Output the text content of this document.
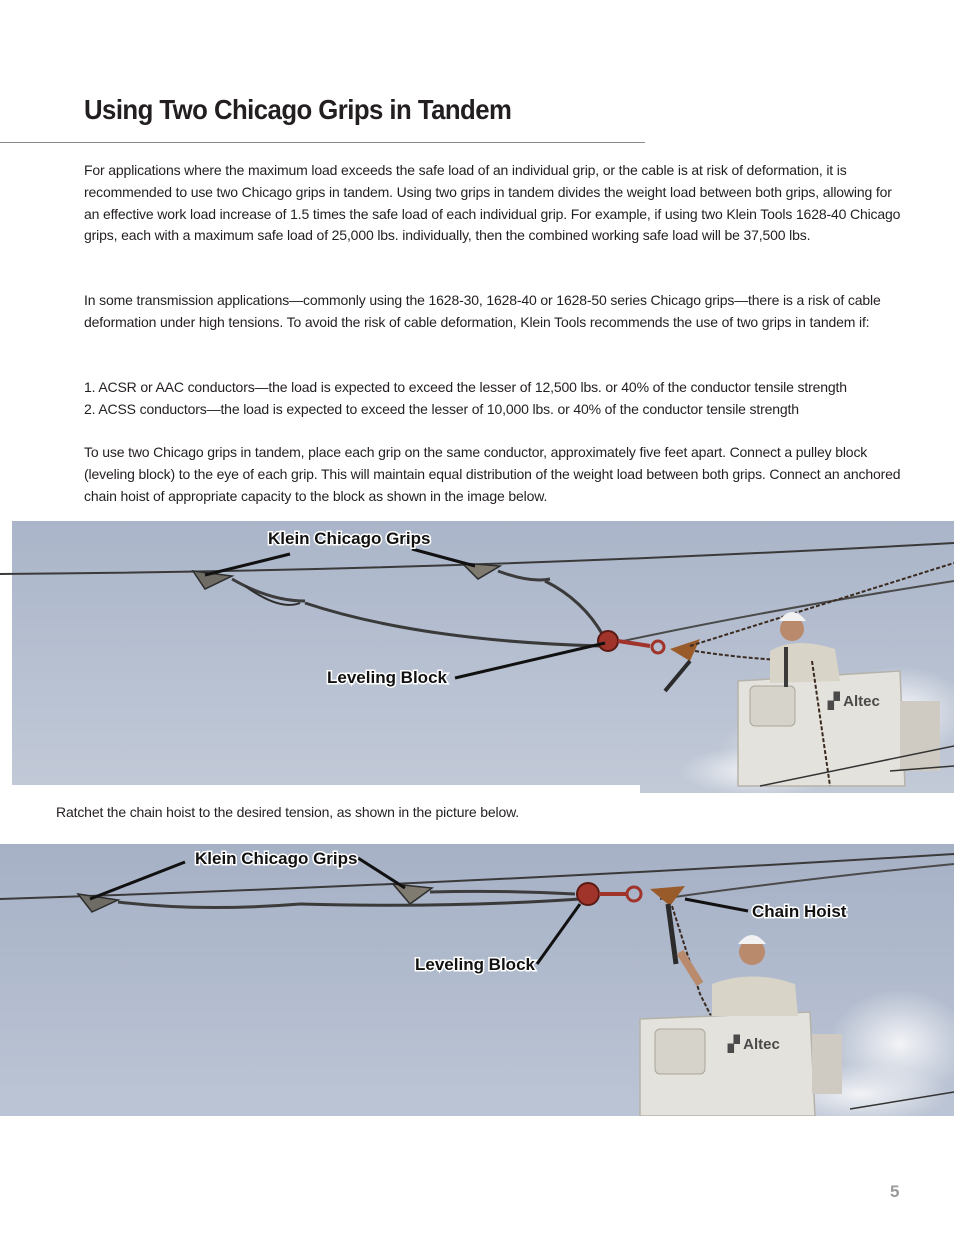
Using Two Chicago Grips in Tandem

For applications where the maximum load exceeds the safe load of an individual grip, or the cable is at risk of deformation, it is recommended to use two Chicago grips in tandem. Using two grips in tandem divides the weight load between both grips, allowing for an effective work load increase of 1.5 times the safe load of each individual grip. For example, if using two Klein Tools 1628-40 Chicago grips, each with a maximum safe load of 25,000 lbs. individually, then the combined working safe load will be 37,500 lbs.

In some transmission applications—commonly using the 1628-30, 1628-40 or 1628-50 series Chicago grips—there is a risk of cable deformation under high tensions. To avoid the risk of cable deformation, Klein Tools recommends the use of two grips in tandem if:

1. ACSR or AAC conductors—the load is expected to exceed the lesser of 12,500 lbs. or 40% of the conductor tensile strength

2. ACSS conductors—the load is expected to exceed the lesser of 10,000 lbs. or 40% of the conductor tensile strength

To use two Chicago grips in tandem, place each grip on the same conductor, approximately five feet apart. Connect a pulley block (leveling block) to the eye of each grip. This will maintain equal distribution of the weight load between both grips. Connect an anchored chain hoist of appropriate capacity to the block as shown in the image below.

▞ Altec
Klein Chicago Grips
Leveling Block

Ratchet the chain hoist to the desired tension, as shown in the picture below.

▞ Altec
Klein Chicago Grips
Leveling Block
Chain Hoist
5
